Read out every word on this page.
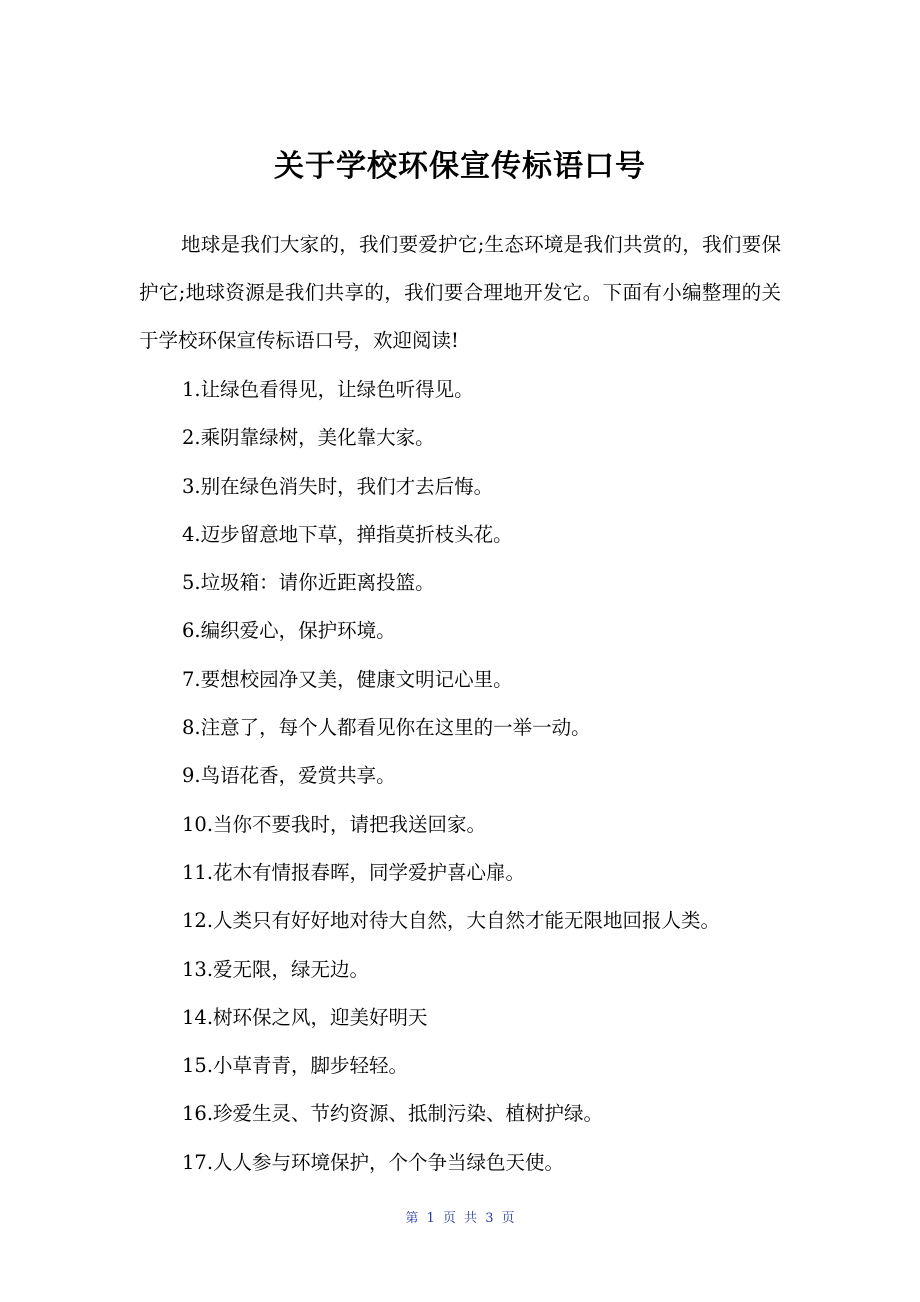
关于学校环保宣传标语口号

地球是我们大家的，我们要爱护它;生态环境是我们共赏的，我们要保护它;地球资源是我们共享的，我们要合理地开发它。下面有小编整理的关于学校环保宣传标语口号，欢迎阅读!

1.让绿色看得见，让绿色听得见。
2.乘阴靠绿树，美化靠大家。
3.别在绿色消失时，我们才去后悔。
4.迈步留意地下草，掸指莫折枝头花。
5.垃圾箱：请你近距离投篮。
6.编织爱心，保护环境。
7.要想校园净又美，健康文明记心里。
8.注意了，每个人都看见你在这里的一举一动。
9.鸟语花香，爱赏共享。
10.当你不要我时，请把我送回家。
11.花木有情报春晖，同学爱护喜心扉。
12.人类只有好好地对待大自然，大自然才能无限地回报人类。
13.爱无限，绿无边。
14.树环保之风，迎美好明天
15.小草青青，脚步轻轻。
16.珍爱生灵、节约资源、抵制污染、植树护绿。
17.人人参与环境保护，个个争当绿色天使。
第 1 页 共 3 页
